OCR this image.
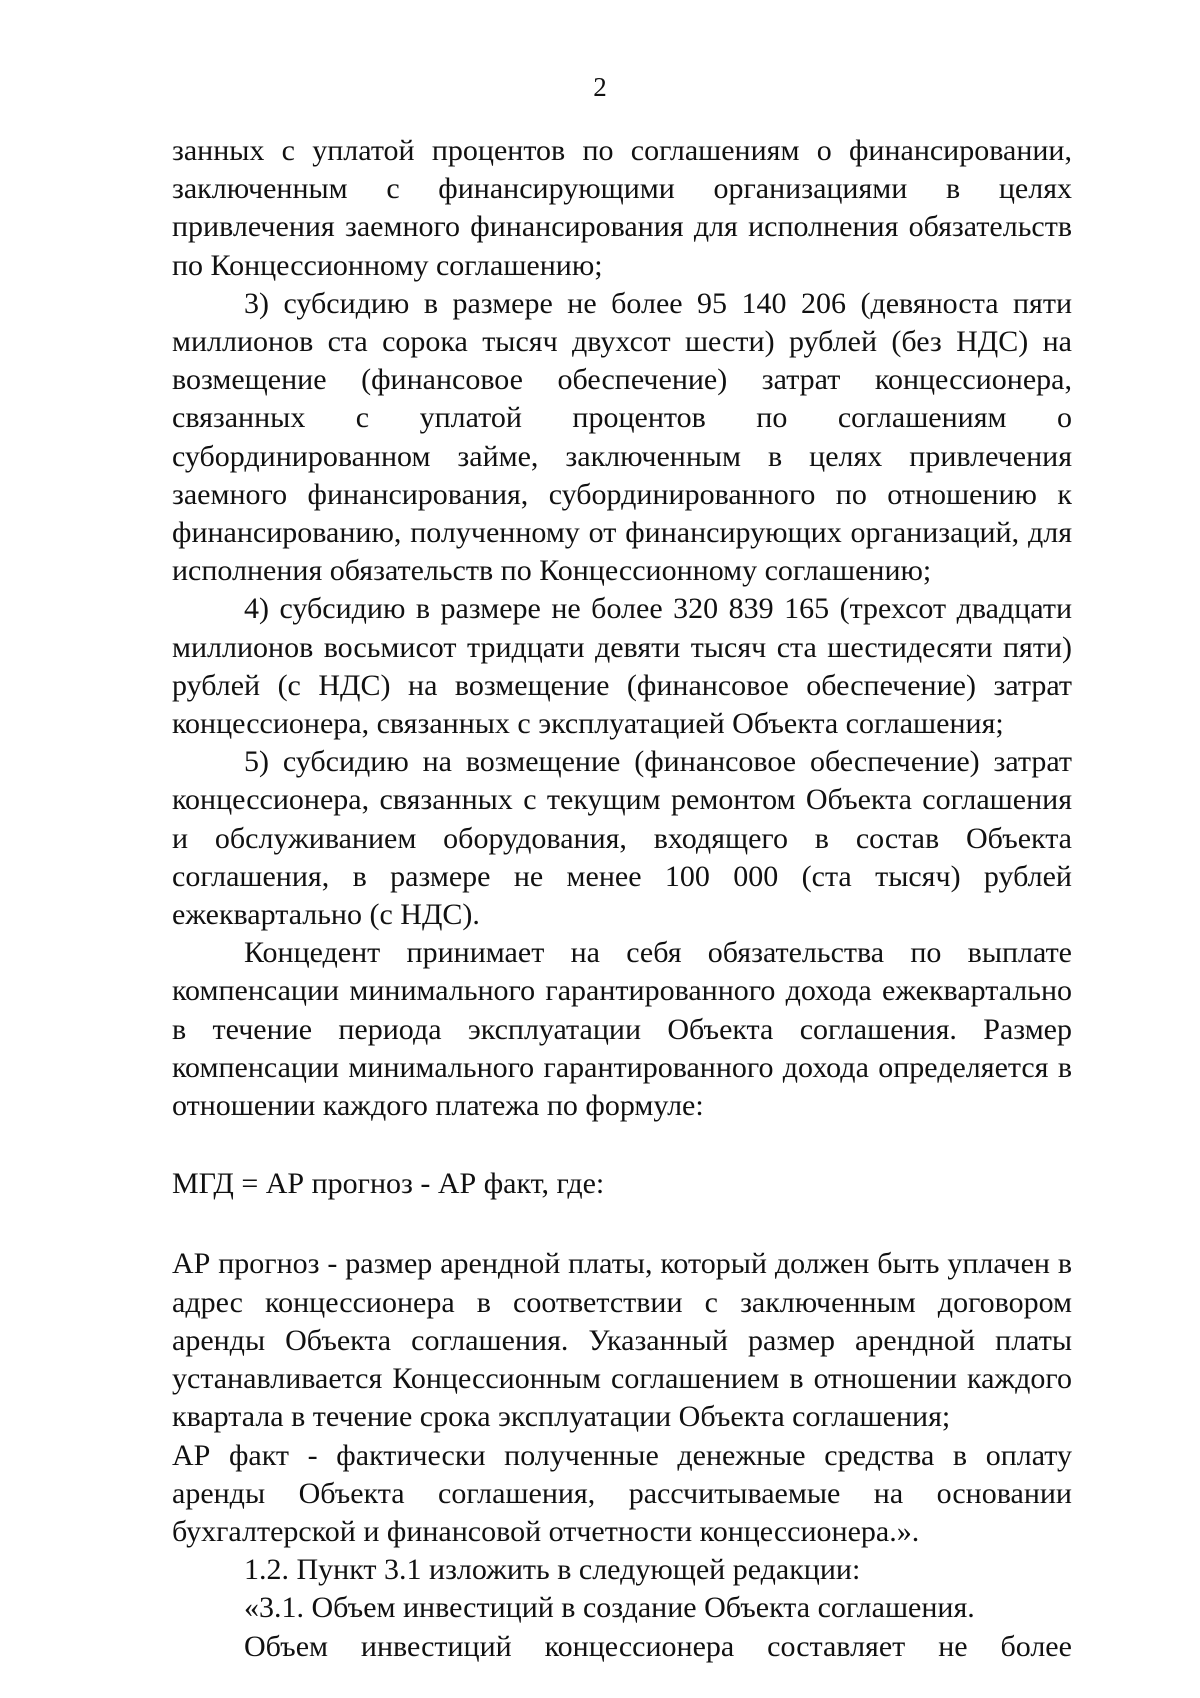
2

занных с уплатой процентов по соглашениям о финансировании, заключенным с финансирующими организациями в целях привлечения заемного финансирования для исполнения обязательств по Концессионному соглашению;

3) субсидию в размере не более 95 140 206 (девяноста пяти миллионов ста сорока тысяч двухсот шести) рублей (без НДС) на возмещение (финансовое обеспечение) затрат концессионера, связанных с уплатой процентов по соглашениям о субординированном займе, заключенным в целях привлечения заемного финансирования, субординированного по отношению к финансированию, полученному от финансирующих организаций, для исполнения обязательств по Концессионному соглашению;

4) субсидию в размере не более 320 839 165 (трехсот двадцати миллионов восьмисот тридцати девяти тысяч ста шестидесяти пяти) рублей (с НДС) на возмещение (финансовое обеспечение) затрат концессионера, связанных с эксплуатацией Объекта соглашения;

5) субсидию на возмещение (финансовое обеспечение) затрат концессионера, связанных с текущим ремонтом Объекта соглашения и обслуживанием оборудования, входящего в состав Объекта соглашения, в размере не менее 100 000 (ста тысяч) рублей ежеквартально (с НДС).

Концедент принимает на себя обязательства по выплате компенсации минимального гарантированного дохода ежеквартально в течение периода эксплуатации Объекта соглашения. Размер компенсации минимального гарантированного дохода определяется в отношении каждого платежа по формуле:

МГД = АР прогноз - АР факт, где:

АР прогноз - размер арендной платы, который должен быть уплачен в адрес концессионера в соответствии с заключенным договором аренды Объекта соглашения. Указанный размер арендной платы устанавливается Концессионным соглашением в отношении каждого квартала в течение срока эксплуатации Объекта соглашения;

АР факт - фактически полученные денежные средства в оплату аренды Объекта соглашения, рассчитываемые на основании бухгалтерской и финансовой отчетности концессионера.».

1.2. Пункт 3.1 изложить в следующей редакции:

«3.1. Объем инвестиций в создание Объекта соглашения.

Объем инвестиций концессионера составляет не более
